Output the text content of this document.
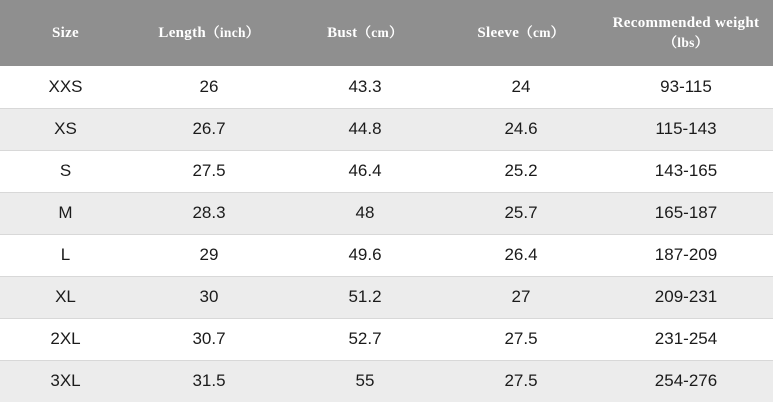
Size	Length（inch）	Bust（cm）	Sleeve（cm）	Recommended weight（lbs）
XXS	26	43.3	24	93-115
XS	26.7	44.8	24.6	115-143
S	27.5	46.4	25.2	143-165
M	28.3	48	25.7	165-187
L	29	49.6	26.4	187-209
XL	30	51.2	27	209-231
2XL	30.7	52.7	27.5	231-254
3XL	31.5	55	27.5	254-276
